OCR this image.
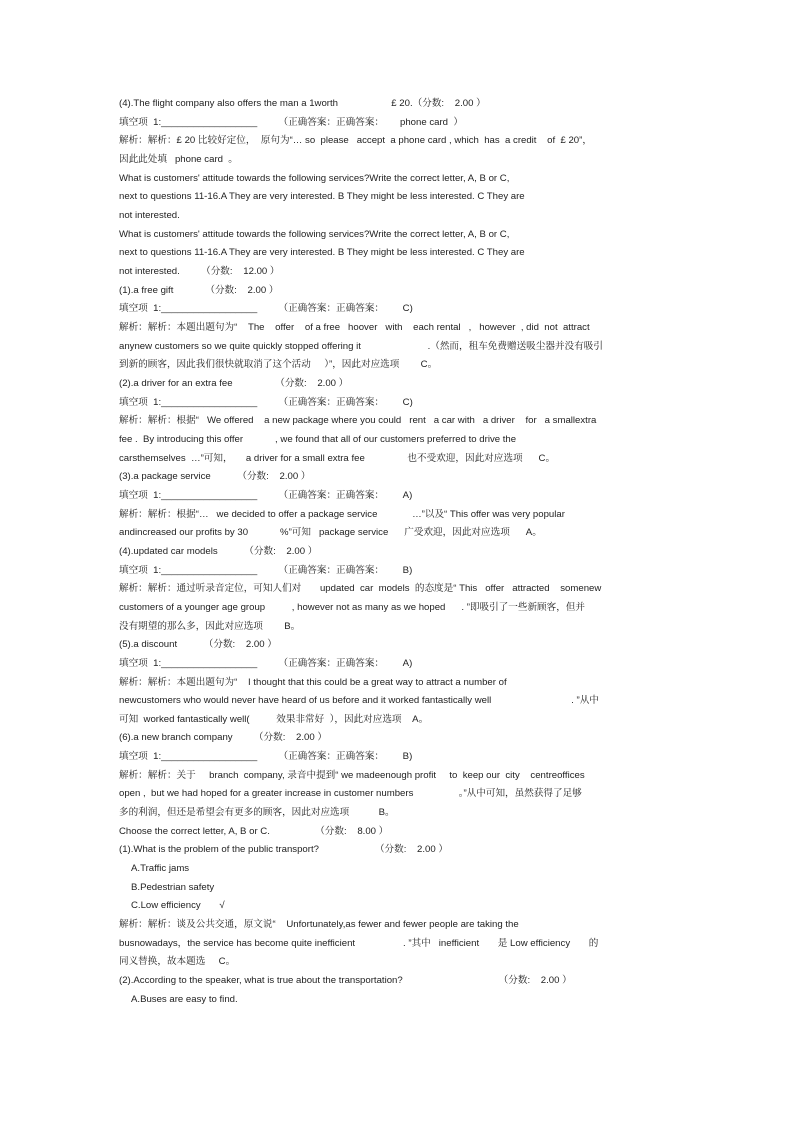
(4).The flight company also offers the man a 1worth                    £ 20.（分数:    2.00 ）
填空项  1:__________________        （正确答案：正确答案：      phone card  ）
解析：解析：£ 20 比较好定位，  原句为“… so  please   accept  a phone card , which  has  a credit    of  £ 20”，
因此此处填   phone card  。
What is customers' attitude towards the following services?Write the correct letter, A, B or C,
next to questions 11-16.A They are very interested. B They might be less interested. C They are
not interested.
What is customers' attitude towards the following services?Write the correct letter, A, B or C,
next to questions 11-16.A They are very interested. B They might be less interested. C They are
not interested.        （分数:    12.00 ）
(1).a free gift            （分数:    2.00 ）
填空项  1:__________________        （正确答案：正确答案：       C)
解析：解析：本题出题句为“    The    offer    of a free   hoover   with    each rental   ,   however  , did  not  attract
anynew customers so we quite quickly stopped offering it                         .（然而，租车免费赠送吸尘器并没有吸引
到新的顾客，因此我们很快就取消了这个活动     ）”，因此对应选项        C。
(2).a driver for an extra fee                （分数:    2.00 ）
填空项  1:__________________        （正确答案：正确答案：       C)
解析：解析：根据“   We offered    a new package where you could   rent   a car with   a driver    for   a smallextra
fee .  By introducing this offer            , we found that all of our customers preferred to drive the
carsthemselves  …”可知，     a driver for a small extra fee                也不受欢迎，因此对应选项      C。
(3).a package service          （分数:    2.00 ）
填空项  1:__________________        （正确答案：正确答案：       A)
解析：解析：根据“…   we decided to offer a package service             …”以及“ This offer was very popular
andincreased our profits by 30            %”可知   package service      广受欢迎，因此对应选项      A。
(4).updated car models          （分数:    2.00 ）
填空项  1:__________________        （正确答案：正确答案：       B)
解析：解析：通过听录音定位，可知人们对       updated  car  models  的态度是“ This   offer   attracted    somenew
customers of a younger age group          , however not as many as we hoped      . ”即吸引了一些新顾客，但并
没有期望的那么多，因此对应选项        B。
(5).a discount          （分数:    2.00 ）
填空项  1:__________________        （正确答案：正确答案：       A)
解析：解析：本题出题句为“    I thought that this could be a great way to attract a number of
newcustomers who would never have heard of us before and it worked fantastically well                              . ”从中
可知  worked fantastically well(          效果非常好  ），因此对应选项    A。
(6).a new branch company        （分数:    2.00 ）
填空项  1:__________________        （正确答案：正确答案：       B)
解析：解析：关于     branch  company, 录音中提到“ we madeenough profit     to  keep our  city    centreoffices
open ,  but we had hoped for a greater increase in customer numbers                 。”从中可知，虽然获得了足够
多的利润，但还是希望会有更多的顾客，因此对应选项           B。
Choose the correct letter, A, B or C.                 （分数:    8.00 ）
(1).What is the problem of the public transport?                     （分数:    2.00 ）
A.Traffic jams
B.Pedestrian safety
C.Low efficiency       √
解析：解析：谈及公共交通，原文说“    Unfortunately,as fewer and fewer people are taking the
busnowadays，the service has become quite inefficient                  . ”其中   inefficient       是 Low efficiency       的
同义替换，故本题选     C。
(2).According to the speaker, what is true about the transportation?                                    （分数:    2.00 ）
A.Buses are easy to find.
